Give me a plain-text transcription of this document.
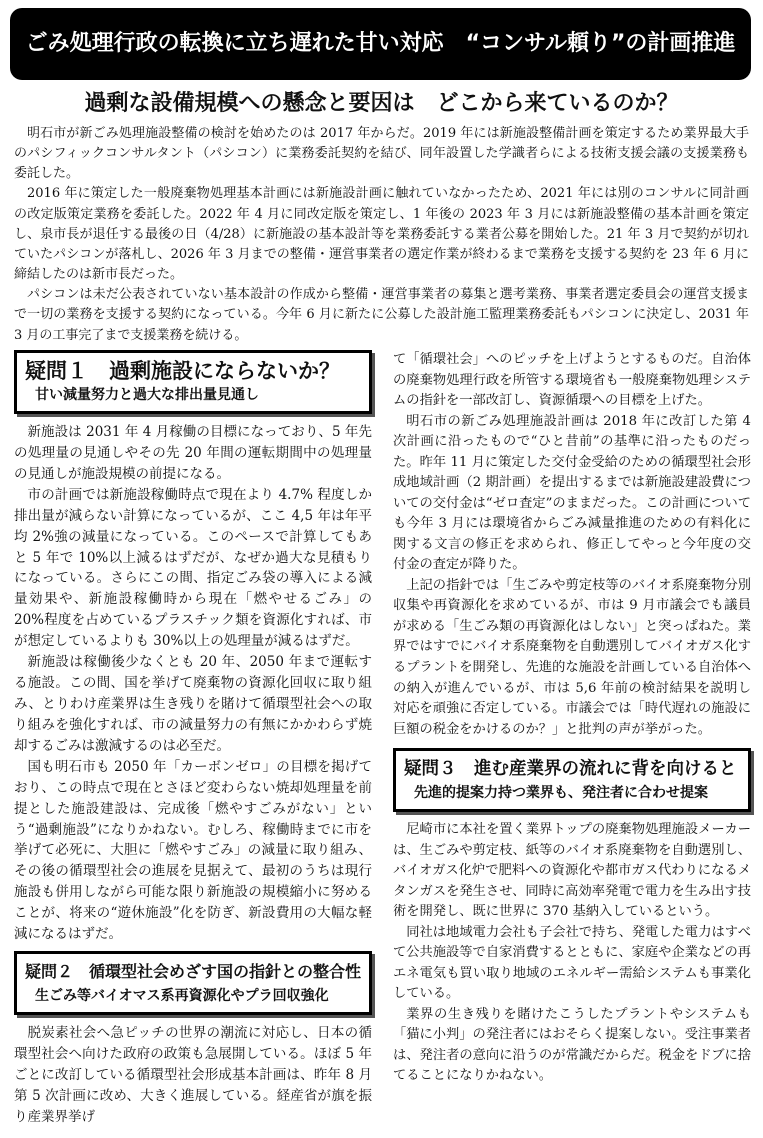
ごみ処理行政の転換に立ち遅れた甘い対応　“コンサル頼り”の計画推進
過剰な設備規模への懸念と要因は　どこから来ているのか？

明石市が新ごみ処理施設整備の検討を始めたのは 2017 年からだ。2019 年には新施設整備計画を策定するため業界最大手のパシフィックコンサルタント（パシコン）に業務委託契約を結び、同年設置した学識者らによる技術支援会議の支援業務も委託した。

2016 年に策定した一般廃棄物処理基本計画には新施設計画に触れていなかったため、2021 年には別のコンサルに同計画の改定版策定業務を委託した。2022 年 4 月に同改定版を策定し、1 年後の 2023 年 3 月には新施設整備の基本計画を策定し、泉市長が退任する最後の日（4/28）に新施設の基本設計等を業務委託する業者公募を開始した。21 年 3 月で契約が切れていたパシコンが落札し、2026 年 3 月までの整備・運営事業者の選定作業が終わるまで業務を支援する契約を 23 年 6 月に締結したのは新市長だった。

パシコンは未だ公表されていない基本設計の作成から整備・運営事業者の募集と選考業務、事業者選定委員会の運営支援まで一切の業務を支援する契約になっている。今年 6 月に新たに公募した設計施工監理業務委託もパシコンに決定し、2031 年 3 月の工事完了まで支援業務を続ける。

疑問１　過剰施設にならないか？
甘い減量努力と過大な排出量見通し

新施設は 2031 年 4 月稼働の目標になっており、5 年先の処理量の見通しやその先 20 年間の運転期間中の処理量の見通しが施設規模の前提になる。

市の計画では新施設稼働時点で現在より 4.7% 程度しか排出量が減らない計算になっているが、ここ 4,5 年は年平均 2%強の減量になっている。このペースで計算してもあと 5 年で 10%以上減るはずだが、なぜか過大な見積もりになっている。さらにこの間、指定ごみ袋の導入による減量効果や、新施設稼働時から現在「燃やせるごみ」の 20%程度を占めているプラスチック類を資源化すれば、市が想定しているよりも 30%以上の処理量が減るはずだ。

新施設は稼働後少なくとも 20 年、2050 年まで運転する施設。この間、国を挙げて廃棄物の資源化回収に取り組み、とりわけ産業界は生き残りを賭けて循環型社会への取り組みを強化すれば、市の減量努力の有無にかかわらず焼却するごみは激減するのは必至だ。

国も明石市も 2050 年「カーボンゼロ」の目標を掲げており、この時点で現在とさほど変わらない焼却処理量を前提とした施設建設は、完成後「燃やすごみがない」という“過剰施設”になりかねない。むしろ、稼働時までに市を挙げて必死に、大胆に「燃やすごみ」の減量に取り組み、その後の循環型社会の進展を見据えて、最初のうちは現行施設も併用しながら可能な限り新施設の規模縮小に努めることが、将来の“遊休施設”化を防ぎ、新設費用の大幅な軽減になるはずだ。

疑問２　循環型社会めざす国の指針との整合性
生ごみ等バイオマス系再資源化やプラ回収強化

脱炭素社会へ急ピッチの世界の潮流に対応し、日本の循環型社会へ向けた政府の政策も急展開している。ほぼ 5 年ごとに改訂している循環型社会形成基本計画は、昨年 8 月第 5 次計画に改め、大きく進展している。経産省が旗を振り産業界挙げ

て「循環社会」へのピッチを上げようとするものだ。自治体の廃棄物処理行政を所管する環境省も一般廃棄物処理システムの指針を一部改訂し、資源循環への目標を上げた。

明石市の新ごみ処理施設計画は 2018 年に改訂した第 4 次計画に沿ったもので“ひと昔前”の基準に沿ったものだった。昨年 11 月に策定した交付金受給のための循環型社会形成地域計画（2 期計画）を提出するまでは新施設建設費についての交付金は“ゼロ査定”のままだった。この計画についても今年 3 月には環境省からごみ減量推進のための有料化に関する文言の修正を求められ、修正してやっと今年度の交付金の査定が降りた。

上記の指針では「生ごみや剪定枝等のバイオ系廃棄物分別収集や再資源化を求めているが、市は 9 月市議会でも議員が求める「生ごみ類の再資源化はしない」と突っぱねた。業界ではすでにバイオ系廃棄物を自動選別してバイオガス化するプラントを開発し、先進的な施設を計画している自治体への納入が進んでいるが、市は 5,6 年前の検討結果を説明し対応を頑強に否定している。市議会では「時代遅れの施設に巨額の税金をかけるのか？」と批判の声が挙がった。

疑問３　進む産業界の流れに背を向けると
先進的提案力持つ業界も、発注者に合わせ提案

尼崎市に本社を置く業界トップの廃棄物処理施設メーカーは、生ごみや剪定枝、紙等のバイオ系廃棄物を自動選別し、バイオガス化炉で肥料への資源化や都市ガス代わりになるメタンガスを発生させ、同時に高効率発電で電力を生み出す技術を開発し、既に世界に 370 基納入しているという。

同社は地域電力会社も子会社で持ち、発電した電力はすべて公共施設等で自家消費するとともに、家庭や企業などの再エネ電気も買い取り地域のエネルギー需給システムも事業化している。

業界の生き残りを賭けたこうしたプラントやシステムも「猫に小判」の発注者にはおそらく提案しない。受注事業者は、発注者の意向に沿うのが常識だからだ。税金をドブに捨てることになりかねない。
